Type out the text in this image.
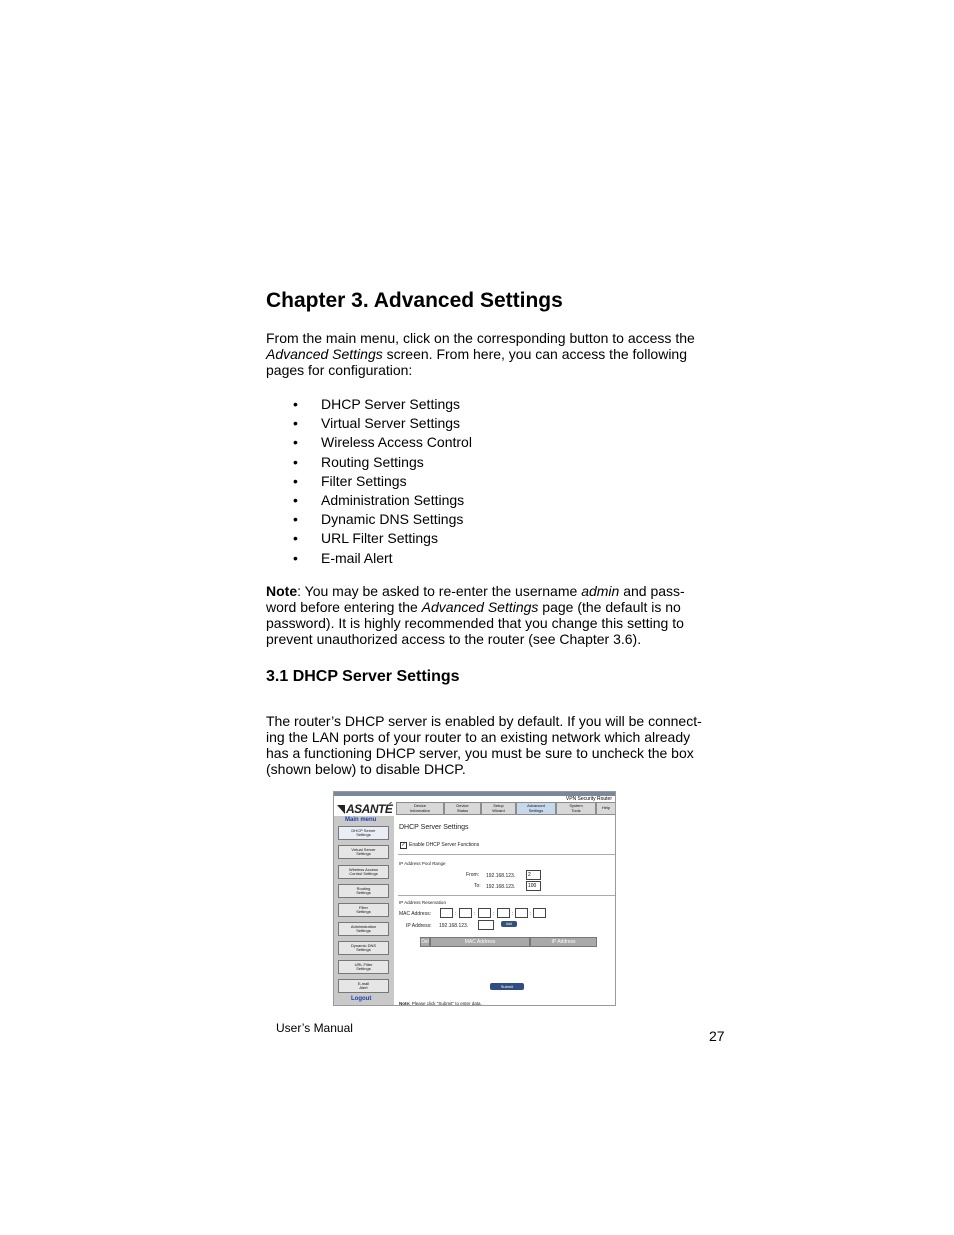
Chapter 3. Advanced Settings

From the main menu, click on the corresponding button to access the
Advanced Settings screen. From here, you can access the following
pages for configuration:

• DHCP Server Settings
• Virtual Server Settings
• Wireless Access Control
• Routing Settings
• Filter Settings
• Administration Settings
• Dynamic DNS Settings
• URL Filter Settings
• E-mail Alert

Note: You may be asked to re-enter the username admin and pass-
word before entering the Advanced Settings page (the default is no
password). It is highly recommended that you change this setting to
prevent unauthorized access to the router (see Chapter 3.6).

3.1 DHCP Server Settings

The router’s DHCP server is enabled by default. If you will be connect-
ing the LAN ports of your router to an existing network which already
has a functioning DHCP server, you must be sure to uncheck the box
(shown below) to disable DHCP.

VPN Security Router
ASANTÉ	Device
Information
Device
Status
Setup
Wizard
Advanced
Settings
System
Tools	Help
Main menu
DHCP Server
Settings
Virtual Server
Settings
Wireless Access
Control Settings
Routing
Settings
Filter
Settings
Administration
Settings
Dynamic DNS
Settings
URL Filter
Settings
E-mail
Alert
Logout
DHCP Server Settings
✓ Enable DHCP Server Functions
IP Address Pool Range
From: 192.168.123.	2
To: 192.168.123.	100
IP Address Reservation
MAC Address:	:	:	:	:	:
IP Address: 192.168.123.	Add
Del	MAC Address	IP Address
Submit
Note: Please click "Submit" to enter data.
User’s Manual	27
